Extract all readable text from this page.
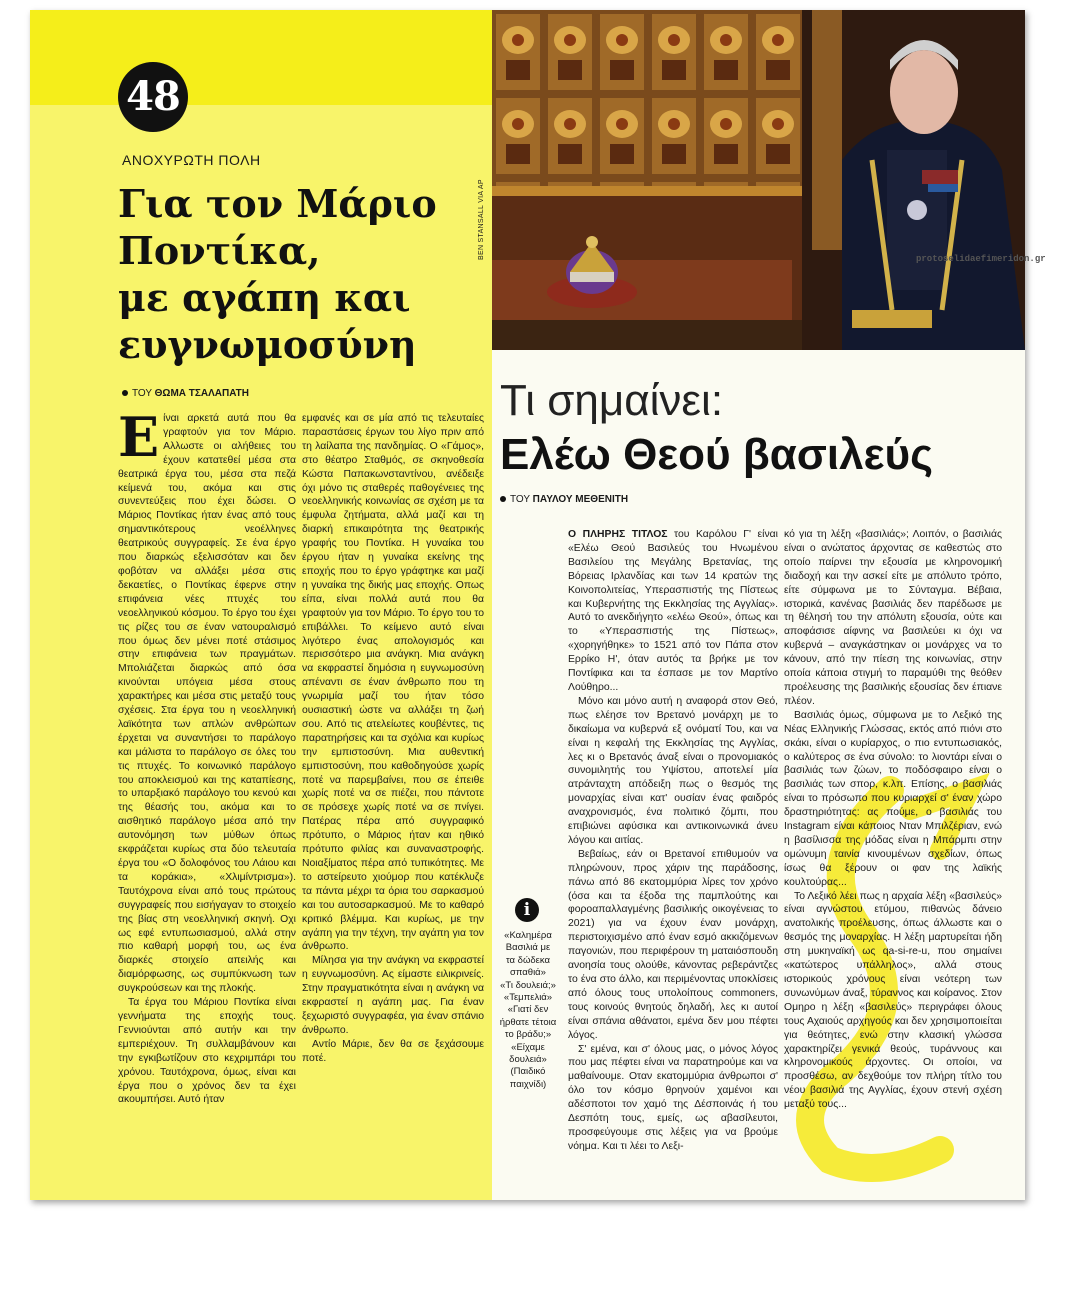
48
ΑΝΟΧΥΡΩΤΗ ΠΟΛΗ
Για τον Μάριο
Ποντίκα,
με αγάπη και
ευγνωμοσύνη
ΤΟΥ ΘΩΜΑ ΤΣΑΛΑΠΑΤΗ

Είναι αρκετά αυτά που θα γραφτούν για τον Μάριο. Αλλωστε οι αλήθειες του έχουν κατατεθεί μέσα στα θεατρικά έργα του, μέσα στα πεζά κείμενά του, ακόμα και στις συνεντεύξεις που έχει δώσει. Ο Μάριος Ποντίκας ήταν ένας από τους σημαντικότερους νεοέλληνες θεατρικούς συγγραφείς. Σε ένα έργο που διαρκώς εξελισσόταν και δεν φοβόταν να αλλάξει μέσα στις δεκαετίες, ο Ποντίκας έφερνε στην επιφάνεια νέες πτυχές του νεοελληνικού κόσμου. Το έργο του έχει τις ρίζες του σε έναν νατουραλισμό που όμως δεν μένει ποτέ στάσιμος στην επιφάνεια των πραγμάτων. Μπολιάζεται διαρκώς από όσα κινούνται υπόγεια μέσα στους χαρακτήρες και μέσα στις μεταξύ τους σχέσεις. Στα έργα του η νεοελληνική λαϊκότητα των απλών ανθρώπων έρχεται να συναντήσει το παράλογο και μάλιστα το παράλογο σε όλες του τις πτυχές. Το κοινωνικό παράλογο του αποκλεισμού και της καταπίεσης, το υπαρξιακό παράλογο του κενού και της θέασής του, ακόμα και το αισθητικό παράλογο μέσα από την αυτονόμηση των μύθων όπως εκφράζεται κυρίως στα δύο τελευταία έργα του «Ο δολοφόνος του Λάιου και τα κοράκια», «Χλιμίντρισμα»). Ταυτόχρονα είναι από τους πρώτους συγγραφείς που εισήγαγαν το στοιχείο της βίας στη νεοελληνική σκηνή. Οχι ως εφέ εντυπωσιασμού, αλλά στην πιο καθαρή μορφή του, ως ένα διαρκές στοιχείο απειλής και διαμόρφωσης, ως συμπύκνωση των συγκρούσεων και της πλοκής.

Τα έργα του Μάριου Ποντίκα είναι γεννήματα της εποχής τους. Γεννιούνται από αυτήν και την εμπεριέχουν. Τη συλλαμβάνουν και την εγκιβωτίζουν στο κεχριμπάρι του χρόνου. Ταυτόχρονα, όμως, είναι και έργα που ο χρόνος δεν τα έχει ακουμπήσει. Αυτό ήταν

εμφανές και σε μία από τις τελευταίες παραστάσεις έργων του λίγο πριν από τη λαίλαπα της πανδημίας. Ο «Γάμος», στο θέατρο Σταθμός, σε σκηνοθεσία Κώστα Παπακωνσταντίνου, ανέδειξε όχι μόνο τις σταθερές παθογένειες της νεοελληνικής κοινωνίας σε σχέση με τα έμφυλα ζητήματα, αλλά μαζί και τη διαρκή επικαιρότητα της θεατρικής γραφής του Ποντίκα. Η γυναίκα του έργου ήταν η γυναίκα εκείνης της εποχής που το έργο γράφτηκε και μαζί η γυναίκα της δικής μας εποχής. Οπως είπα, είναι πολλά αυτά που θα γραφτούν για τον Μάριο. Το έργο του το επιβάλλει. Το κείμενο αυτό είναι λιγότερο ένας απολογισμός και περισσότερο μια ανάγκη. Μια ανάγκη να εκφραστεί δημόσια η ευγνωμοσύνη απέναντι σε έναν άνθρωπο που τη γνωριμία μαζί του ήταν τόσο ουσιαστική ώστε να αλλάξει τη ζωή σου. Από τις ατελείωτες κουβέντες, τις παρατηρήσεις και τα σχόλια και κυρίως την εμπιστοσύνη. Μια αυθεντική εμπιστοσύνη, που καθοδηγούσε χωρίς ποτέ να παρεμβαίνει, που σε έπειθε χωρίς ποτέ να σε πιέζει, που πάντοτε σε πρόσεχε χωρίς ποτέ να σε πνίγει. Πατέρας πέρα από συγγραφικό πρότυπο, ο Μάριος ήταν και ηθικό πρότυπο φιλίας και συναναστροφής. Νοιαξίματος πέρα από τυπικότητες. Με το αστείρευτο χιούμορ που κατέκλυζε τα πάντα μέχρι τα όρια του σαρκασμού και του αυτοσαρκασμού. Με το καθαρό κριτικό βλέμμα. Και κυρίως, με την αγάπη για την τέχνη, την αγάπη για τον άνθρωπο.

Μίλησα για την ανάγκη να εκφραστεί η ευγνωμοσύνη. Ας είμαστε ειλικρινείς. Στην πραγματικότητα είναι η ανάγκη να εκφραστεί η αγάπη μας. Για έναν ξεχωριστό συγγραφέα, για έναν σπάνιο άνθρωπο.

Αντίο Μάριε, δεν θα σε ξεχάσουμε ποτέ.

BEN STANSALL VIA AP	protoselidaefimeridon.gr
Τι σημαίνει:
Ελέω Θεού βασιλεύς
ΤΟΥ ΠΑΥΛΟΥ ΜΕΘΕΝΙΤΗ

Ο ΠΛΗΡΗΣ ΤΙΤΛΟΣ του Καρόλου Γ' είναι «Ελέω Θεού Βασιλεύς του Ηνωμένου Βασιλείου της Μεγάλης Βρετανίας, της Βόρειας Ιρλανδίας και των 14 κρατών της Κοινοπολιτείας, Υπερασπιστής της Πίστεως και Κυβερνήτης της Εκκλησίας της Αγγλίας». Αυτό το ανεκδιήγητο «ελέω Θεού», όπως και το «Υπερασπιστής της Πίστεως», «χορηγήθηκε» το 1521 από τον Πάπα στον Ερρίκο Η', όταν αυτός τα βρήκε με τον Ποντίφικα και τα έσπασε με τον Μαρτίνο Λούθηρο...

Μόνο και μόνο αυτή η αναφορά στον Θεό, πως ελέησε τον Βρετανό μονάρχη με το δικαίωμα να κυβερνά εξ ονόματί Του, και να είναι η κεφαλή της Εκκλησίας της Αγγλίας, λες κι ο Βρετανός άναξ είναι ο προνομιακός συνομιλητής του Υψίστου, αποτελεί μία ατράνταχτη απόδειξη πως ο θεσμός της μοναρχίας είναι κατ' ουσίαν ένας φαιδρός αναχρονισμός, ένα πολιτικό ζόμπι, που επιβιώνει αφύσικα και αντικοινωνικά άνευ λόγου και αιτίας.

Βεβαίως, εάν οι Βρετανοί επιθυμούν να πληρώνουν, προς χάριν της παράδοσης, πάνω από 86 εκατομμύρια λίρες τον χρόνο (όσα και τα έξοδα της παμπλούτης και φοροαπαλλαγμένης βασιλικής οικογένειας το 2021) για να έχουν έναν μονάρχη, περιστοιχισμένο από έναν εσμό ακκιζόμενων παγονιών, που περιφέρουν τη ματαιόσπουδη ανοησία τους ολούθε, κάνοντας ρεβεράντζες το ένα στο άλλο, και περιμένοντας υποκλίσεις από όλους τους υπολοίπους commoners, τους κοινούς θνητούς δηλαδή, λες κι αυτοί είναι σπάνια αθάνατοι, εμένα δεν μου πέφτει λόγος.

Σ' εμένα, και σ' όλους μας, ο μόνος λόγος που μας πέφτει είναι να παρατηρούμε και να μαθαίνουμε. Οταν εκατομμύρια άνθρωποι σ' όλο τον κόσμο θρηνούν χαμένοι και αδέσποτοι τον χαμό της Δέσποινάς ή του Δεσπότη τους, εμείς, ως αβασίλευτοι, προσφεύγουμε στις λέξεις για να βρούμε νόημα. Και τι λέει το Λεξι-

κό για τη λέξη «βασιλιάς»; Λοιπόν, ο βασιλιάς είναι ο ανώτατος άρχοντας σε καθεστώς στο οποίο παίρνει την εξουσία με κληρονομική διαδοχή και την ασκεί είτε με απόλυτο τρόπο, είτε σύμφωνα με το Σύνταγμα. Βέβαια, ιστορικά, κανένας βασιλιάς δεν παρέδωσε με τη θέλησή του την απόλυτη εξουσία, ούτε και αποφάσισε αίφνης να βασιλεύει κι όχι να κυβερνά – αναγκάστηκαν οι μονάρχες να το κάνουν, από την πίεση της κοινωνίας, στην οποία κάποια στιγμή το παραμύθι της θεόθεν προέλευσης της βασιλικής εξουσίας δεν έπιανε πλέον.

Βασιλιάς όμως, σύμφωνα με το Λεξικό της Νέας Ελληνικής Γλώσσας, εκτός από πιόνι στο σκάκι, είναι ο κυρίαρχος, ο πιο εντυπωσιακός, ο καλύτερος σε ένα σύνολο: το λιοντάρι είναι ο βασιλιάς των ζώων, το ποδόσφαιρο είναι ο βασιλιάς των σπορ, κ.λπ. Επίσης, ο βασιλιάς είναι το πρόσωπο που κυριαρχεί σ' έναν χώρο δραστηριότητας: ας πούμε, ο βασιλιάς του Instagram είναι κάποιος Νταν Μπιλζέριαν, ενώ η βασίλισσα της μόδας είναι η Μπάρμπι στην ομώνυμη ταινία κινουμένων σχεδίων, όπως ίσως θα ξέρουν οι φαν της λαϊκής κουλτούρας...

Το Λεξικό λέει πως η αρχαία λέξη «βασιλεύς» είναι αγνώστου ετύμου, πιθανώς δάνειο ανατολικής προέλευσης, όπως άλλωστε και ο θεσμός της μοναρχίας. Η λέξη μαρτυρείται ήδη στη μυκηναϊκή ως qa-si-re-u, που σημαίνει «κατώτερος υπάλληλος», αλλά στους ιστορικούς χρόνους είναι νεότερη των συνωνύμων άναξ, τύραννος και κοίρανος. Στον Ομηρο η λέξη «βασιλεύς» περιγράφει όλους τους Αχαιούς αρχηγούς και δεν χρησιμοποιείται για θεότητες, ενώ στην κλασική γλώσσα χαρακτηρίζει γενικά θεούς, τυράννους και κληρονομικούς άρχοντες. Οι οποίοι, να προσθέσω, αν δεχθούμε τον πλήρη τίτλο του νέου βασιλιά της Αγγλίας, έχουν στενή σχέση μεταξύ τους...

i
«Καλημέρα
Βασιλιά με
τα δώδεκα
σπαθιά»
«Τι δουλειά;»
«Τεμπελιά»
«Γιατί δεν
ήρθατε τέτοια
το βράδυ;»
«Είχαμε
δουλειά»
(Παιδικό
παιχνίδι)
